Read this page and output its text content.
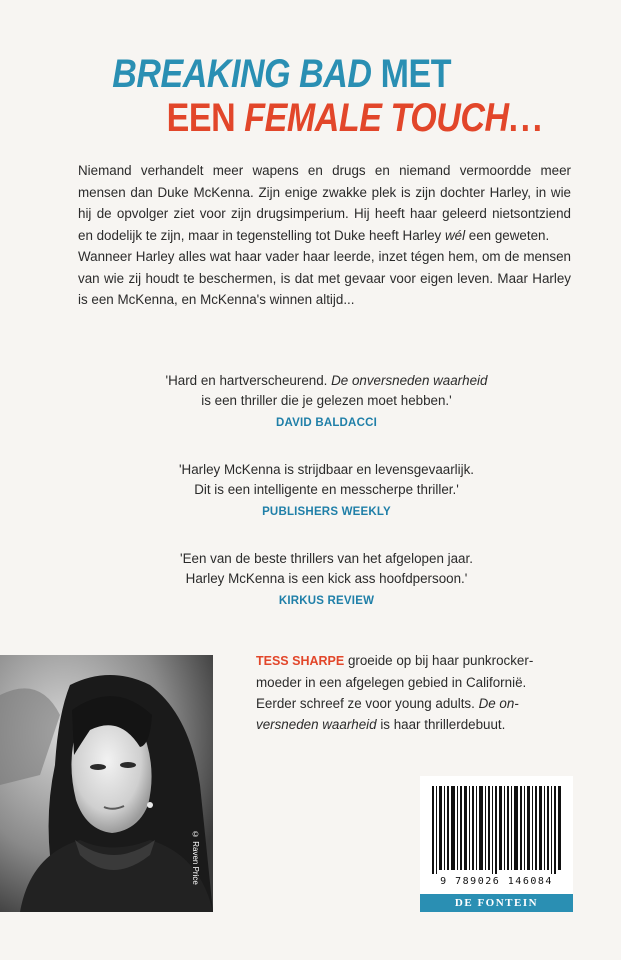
BREAKING BAD MET
EEN FEMALE TOUCH...

Niemand verhandelt meer wapens en drugs en niemand vermoordde meer mensen dan Duke McKenna. Zijn enige zwakke plek is zijn dochter Harley, in wie hij de opvolger ziet voor zijn drugsimperium. Hij heeft haar geleerd nietsontziend en dodelijk te zijn, maar in tegenstelling tot Duke heeft Harley wél een geweten.

Wanneer Harley alles wat haar vader haar leerde, inzet tégen hem, om de mensen van wie zij houdt te beschermen, is dat met gevaar voor eigen leven. Maar Harley is een McKenna, en McKenna's winnen altijd...

'Hard en hartverscheurend. De onversneden waarheid
is een thriller die je gelezen moet hebben.'
DAVID BALDACCI
'Harley McKenna is strijdbaar en levensgevaarlijk.
Dit is een intelligente en messcherpe thriller.'
PUBLISHERS WEEKLY
'Een van de beste thrillers van het afgelopen jaar.
Harley McKenna is een kick ass hoofdpersoon.'
KIRKUS REVIEW
© Raven Price
TESS SHARPE groeide op bij haar punkrocker-
moeder in een afgelegen gebied in Californië.
Eerder schreef ze voor young adults. De on-
versneden waarheid is haar thrillerdebuut.
9 789026 146084
DE FONTEIN
